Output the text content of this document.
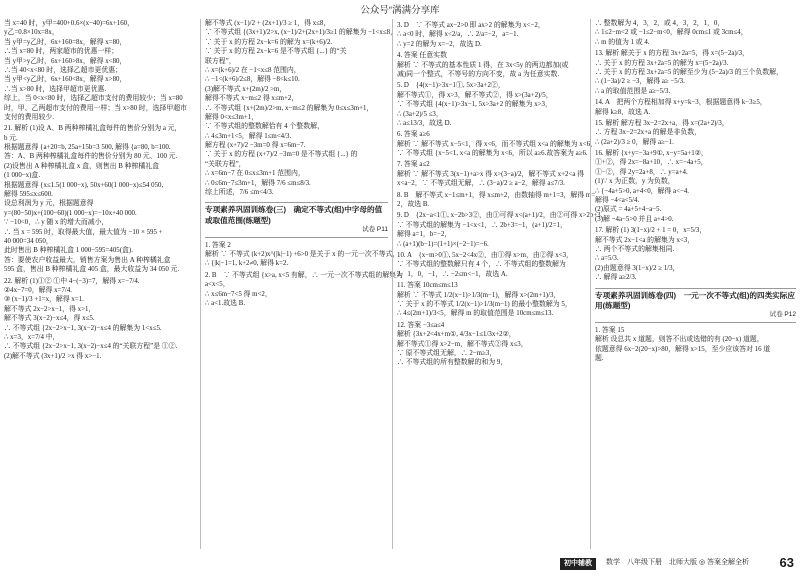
公众号“满满分享库
当 x=40 时，y甲=400+0.6×(x−40)=6x+160，
y乙=0.8×10x=8x，
当 y甲=y乙时，6x+160=8x，解得 x=80，
∴当 x=80 时，两家超市的优惠一样；
当 y甲>y乙时，6x+160>8x，解得 x<80，
∴当 40<x<80 时，选择乙超市更优惠；
当 y甲<y乙时，6x+160<8x，解得 x>80，
∴当 x>80 时，选择甲超市更优惠.
综上，当 0<x<80 时，选择乙超市支付的费用较少；当 x=80
时，甲、乙两超市支付的费用一样；当 x>80 时，选择甲超市
支付的费用较少.
21. 解析 (1)设 A、B 两种榨橘礼盒每件的售价分别为 a 元，
b 元.
根据题意得 {a+20=b, 25a+15b=3 500, 解得 {a=80, b=100.
答：A、B 两种榨橘礼盒每件的售价分别为 80 元、100 元.
(2)设售出 A 种榨橘礼盒 x 盒，则售出 B 种榨橘礼盒
(1 000−x)盒.
根据题意得 {x≤1.5(1 000−x), 50x+60(1 000−x)≤54 050,
解得 595≤x≤600.
设总利润为 y 元，根据题意得
y=(80−50)x+(100−60)(1 000−x)=−10x+40 000.
∵ −10<0，∴ y 随 x 的增大而减小，
∴ 当 x = 595 时，取得最大值，最大值为 −10 × 595 +
40 000=34 050，
此时售出 B 种榨橘礼盒 1 000−595=405(盒).
答：要使农户收益最大，销售方案为售出 A 种榨橘礼盒
595 盒，售出 B 种榨橘礼盒 405 盒，最大收益为 34 050 元.
22. 解析 (1)①② ①中 4−(−3)=7，解得 x=−7/4.
②4x−7=0，解得 x=7/4.
③ (x−1)/3 +1=x，解得 x=1.
解不等式 2x−2>x−1，得 x>1，
解不等式 3(x−2)−x≤4，得 x≤5.
∴ 不等式组 {2x−2>x−1, 3(x−2)−x≤4 的解集为 1<x≤5.
∴ x=3，x=7/4 中，
∴ 不等式组 {2x−2>x−1, 3(x−2)−x≤4 的“关联方程”是 ①②.
(2)解不等式 (3x+1)/2 >x 得 x>−1.
解不等式 (x−1)/2 + (2x+1)/3 ≥ 1，得 x≤8，
∵ 不等式组 {(3x+1)/2>x, (x−1)/2+(2x+1)/3≥1 的解集为 −1<x≤8，
∵ 关于 x 的方程 2x−k=6 的解为 x=(k+6)/2.
∵ 关于 x 的方程 2x−k=6 是不等式组 {...} 的“关
联方程”，
∴ x=(k+6)/2 在 −1<x≤8 范围内，
∴ −1<(k+6)/2≤8，解得 −8<k≤10.
(3)解不等式 x+(2m)/2 >m，
解得不等式 x−m≤2 得 x≤m+2，
∴ 不等式组 {x+(2m)/2>m, x−m≤2 的解集为 0≤x≤3m+1，
解得 0<x≤3m+1，
∵ 不等式组的整数解恰有 4 个整数解，
∴ 4≤3m+1<5，解得 1≤m<4/3.
解方程 (x+7)/2 −3m=0 得 x=6m−7.
∵ 关于 x 的方程 (x+7)/2 −3m=0 是不等式组 {...} 的
“关联方程”，
∴ x=6m−7 在 0≤x≤3m+1 范围内，
∴ 0≤6m−7≤3m+1，解得 7/6 ≤m≤8/3.
综上所述，7/6 ≤m<4/3.
专项素养巩固训练卷(三)　确定不等式(组)中字母的值或取值范围(练题型)
试卷 P11
1. 答案 2
解析 ∵ 不等式 (k+2)x^(|k|−1) +6>0 是关于 x 的一元一次不等式，
∴ {|k|−1=1, k+2≠0, 解得 k=2.
2. B　∵ 不等式组 {x>a, x<5 有解，∴ 一元一次不等式组的解集为
a<x<5，
∴ x≤6m−7<5 得 m<2，
∴ a<1.故选 B.
3. D　∵ 不等式 ax−2>0 即 ax>2 的解集为 x<−2，
∴ a<0 时，解得 x<2/a，∴ 2/a=−2，a=−1.
∴ y=2 的解为 x=−2，故选 D.
4. 答案 任意实数
解析 ∵ 不等式的基本性质 1 得，在 3x<5y 的两边都加(或
减)同一个整式，不等号的方向不变，故 a 为任意实数.
5. D　{4(x−1)>3x−1①, 5x>3a+2②，
解不等式①，得 x>3，解不等式②，得 x>(3a+2)/5，
∵ 不等式组 {4(x−1)>3x−1, 5x>3a+2 的解集为 x>3，
∴ (3a+2)/5 ≤3，
∴ a≤13/3，故选 D.
6. 答案 a≥6
解析 ∵ 解不等式 x−5<1，得 x<6，而不等式组 x<a 的解集为 x<6，
∵ 不等式组 {x−5<1, x<a 的解集为 x<6，所以 a≥6.故答案为 a≥6.
7. 答案 a≤2
解析 ∵ 解不等式 3(x−1)+a>x 得 x>(3−a)/2，解不等式 x+2<a 得
x<a−2，∵ 不等式组无解，∴ (3−a)/2 ≥ a−2，解得 a≤7/3.
8. B　解不等式 x−1≤m+1，得 x≤m+2，由数轴得 m+1=3，解得 m=
2，故选 B.
9. D　{2x−a<1①, x−2b>3②，由①可得 x<(a+1)/2，由②可得 x>2b+3，
∵ 不等式组的解集为 −1<x<1，∴ 2b+3=−1，(a+1)/2=1，
解得 a=1，b=−2，
∴ (a+1)(b−1)=(1+1)×(−2−1)=−6.
10. A　{x−m>0①, 5x−2<4x②，由①得 x>m，由②得 x<3，
∵ 不等式组的整数解只有 4 个，∴ 不等式组的整数解为
2，1，0，−1，∴ −2≤m<−1，故选 A.
11. 答案 10cm≤m≤13
解析 ∵ 不等式 1/2(x−1)>1/3(m−1)，解得 x>(2m+1)/3，
∵ 关于 x 的不等式 1/2(x−1)>1/3(m−1) 的最小整数解为 5，
∴ 4≤(2m+1)/3<5，解得 m 的取值范围是 10cm≤m≤13.
12. 答案 −3≤a≤4
解析 {3x+2<4x+m①, 4/3x−1≤1/3x+2②，
解不等式①得 x>2−m，解不等式②得 x≤3，
∵ 原不等式组无解，∴ 2−m≥3，
∴ 不等式组的所有整数解的和为 9，
∴ 整数解为 4，3，2，或 4，3，2，1，0，
∴ 1≤2−m<2 或 −1≤2−m<0，解得 0cm≤1 或 3cm≤4，
∴ m 的值为 1 或 4.
13. 解析 解关于 x 的方程 3x+2a=5，得 x=(5−2a)/3，
∴ 关于 x 的方程 3x+2a=5 的解为 x=(5−2a)/3.
∴ 关于 x 的方程 3x+2a=5 的解至少为 (5−2a)/3 的三个负数解，
∴ (1−3a)/2 ≥ −3，解得 a≥ −5/3.
∴ a 的取值范围是 a≥−5/3.
14. A　把两个方程相加得 x+y=k−3，根据题意得 k−3≥5，
解得 k≥8，故选 A.
15. 解析 解方程 3x−2=2x+a，得 x=(2a+2)/3，
∴ 方程 3x−2=2x+a 的解是非负数，
∴ (2a+2)/3 ≥ 0，解得 a≥−1.
16. 解析 {x+y=−3a+9①, x−y=5a+1②，
①+②，得 2x=−8a+10，∴ x=−4a+5，
①−②，得 2y=2a+8，∴ y=a+4.
(1)∵ x 为正数，y 为负数，
∴ {−4a+5>0, a+4<0，解得 a<−4.
解得 −4<a<5/4.
(2)原式 = 4a+5+4−a−5.
(3)解 −4a−5>0 并且 a+4>0.
17. 解析 (1) 3(1−x)/2 + 1 = 0，x=5/3，
解不等式 2x−1<a 的解集为 x<3，
∴ 两个不等式的解集相同.
∴ a=5/3.
(2)由题意得 3(1−x)/2 ≥ 1/3，
∴ 解得 a≥2/3.
专项素养巩固训练卷(四)　一元一次不等式(组)的四类实际应用(练题型)
试卷 P12
1. 答案 15
解析 设总共 x 道题，则答不出或选错的有 (20−x) 道题，
依题意得 6x−2(20−x)>80，解得 x>15，至少应该答对 16 道
题.
初中辅教	数学　八年级下册　北师大版 ◎ 答案全解全析 63
